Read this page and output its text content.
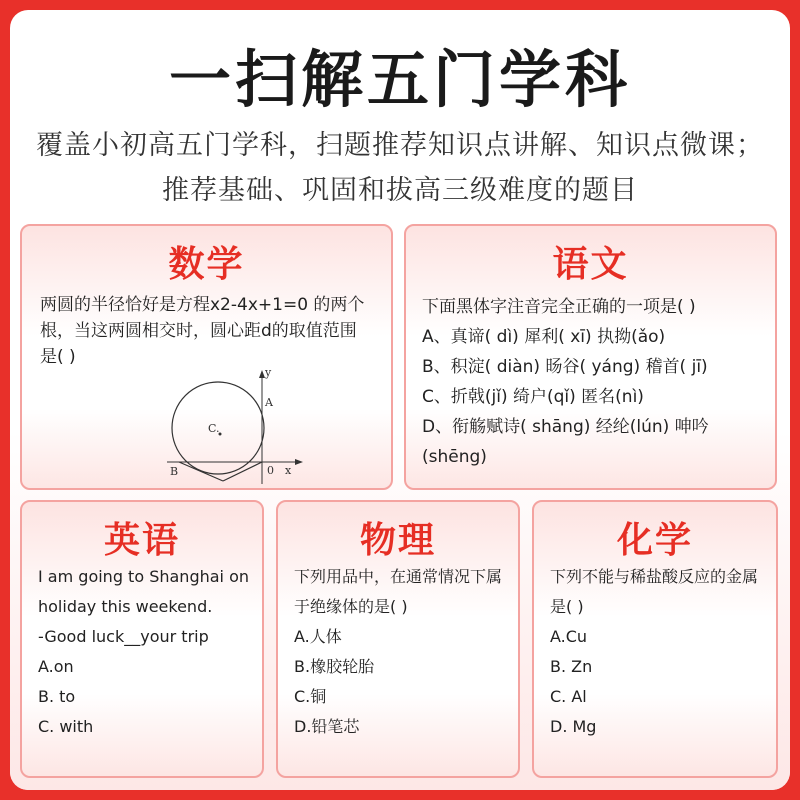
一扫解五门学科
覆盖小初高五门学科，扫题推荐知识点讲解、知识点微课；
推荐基础、巩固和拔高三级难度的题目
数学
两圆的半径恰好是方程x2-4x+1=0 的两个根，当这两圆相交时，圆心距d的取值范围是( )
y
A
C.
B	0 x
语文
下面黑体字注音完全正确的一项是( )
A、真谛( dì) 犀利( xī) 执拗(ǎo)
B、积淀( diàn) 旸谷( yáng) 稽首( jī)
C、折戟(jǐ) 绮户(qǐ) 匿名(nì)
D、衔觞赋诗( shāng) 经纶(lún) 呻吟(shēng)
英语
I am going to Shanghai on holiday this weekend.
-Good luck__your trip
A.on
B. to
C. with
物理
下列用品中，在通常情况下属于绝缘体的是( )
A.人体
B.橡胶轮胎
C.铜
D.铅笔芯
化学
下列不能与稀盐酸反应的金属是( )
A.Cu
B. Zn
C. Al
D. Mg
